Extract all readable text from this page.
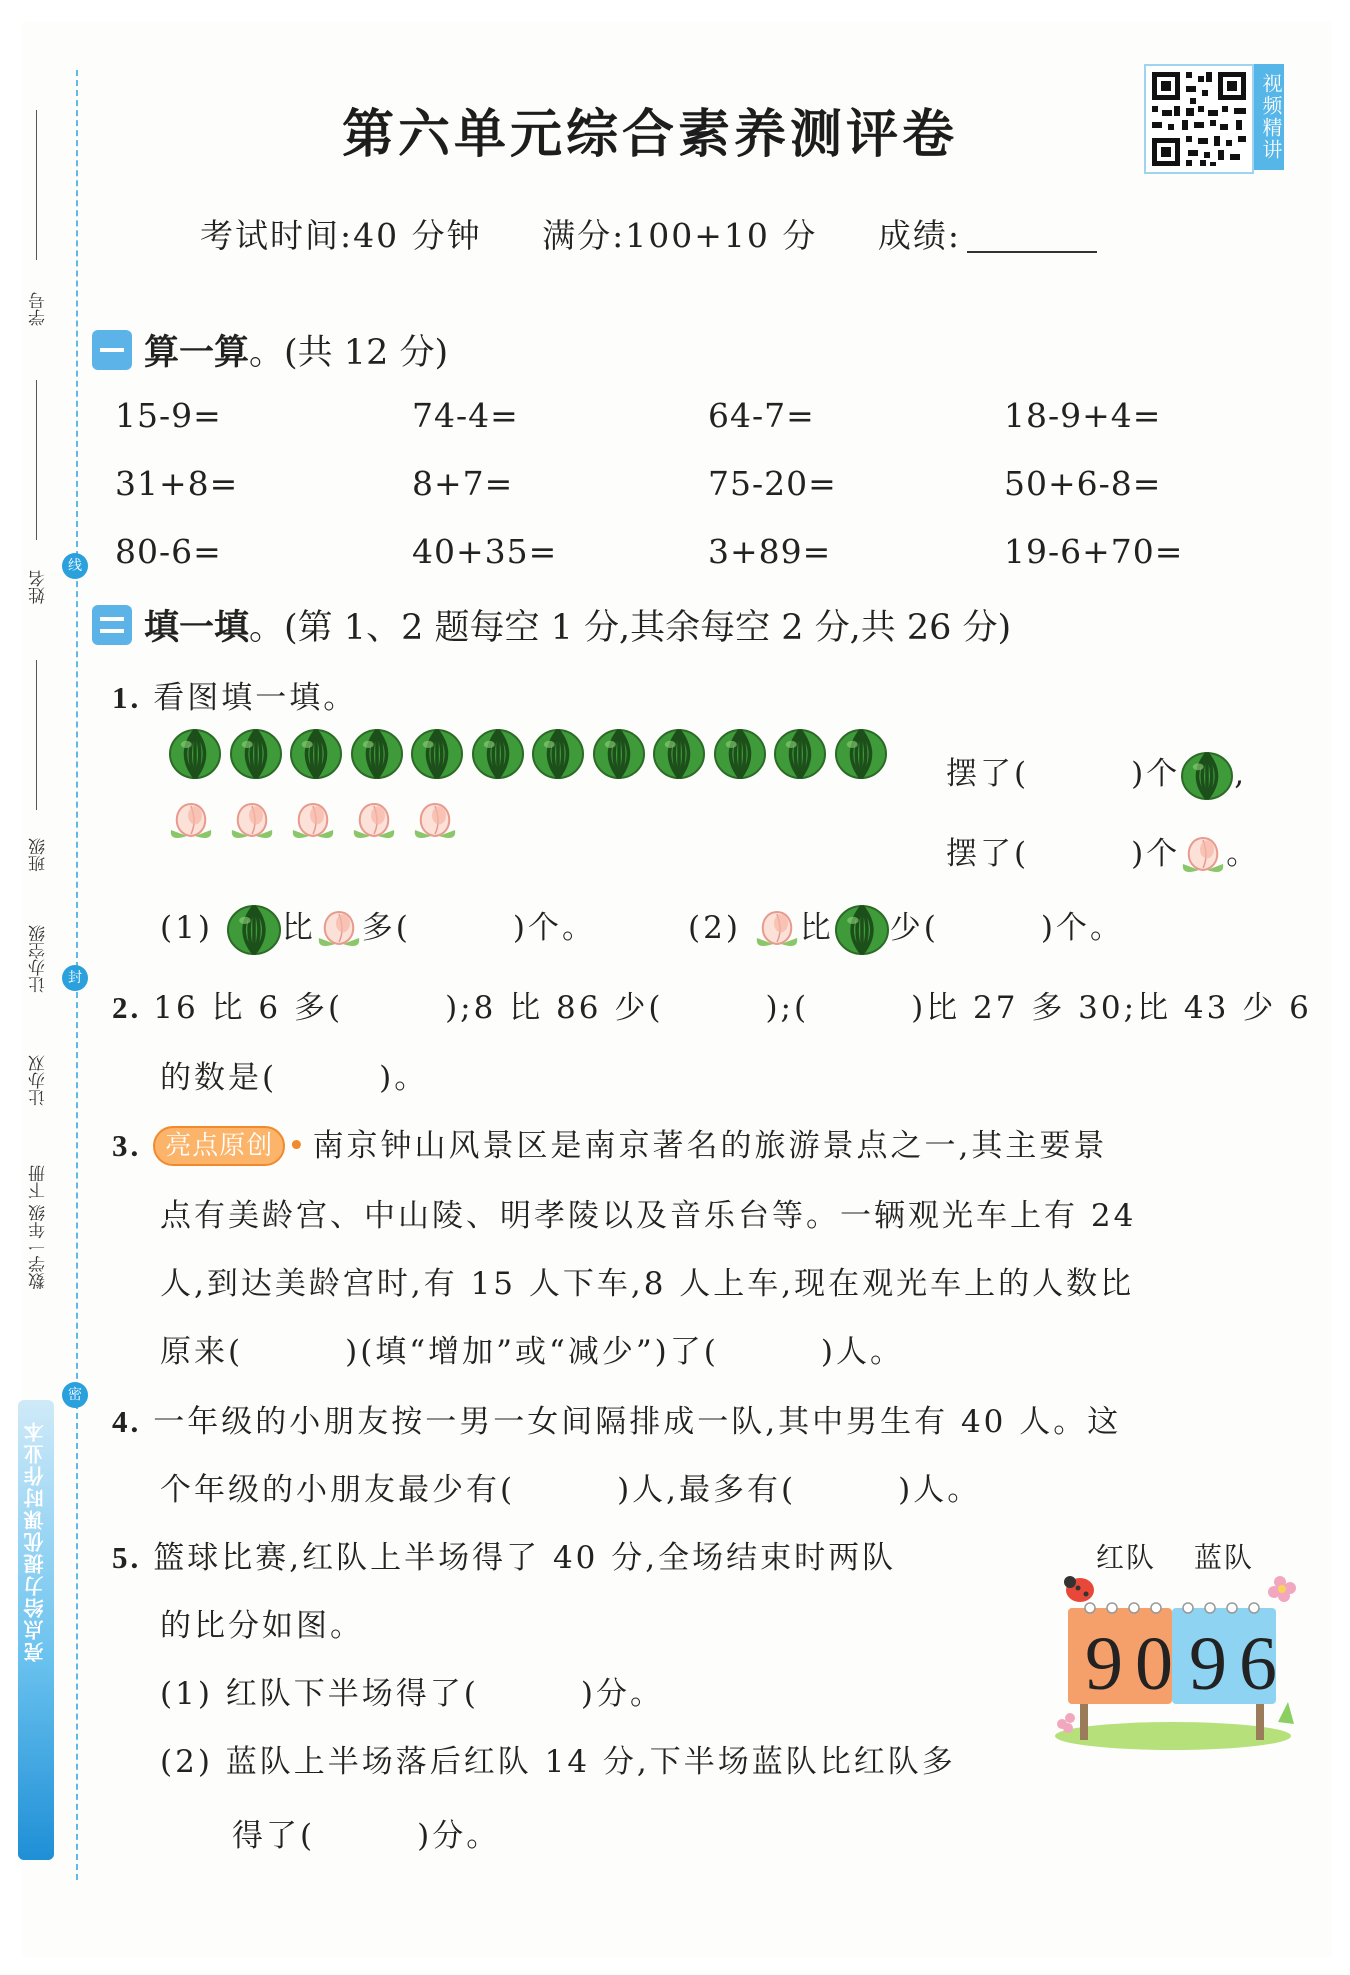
学号
姓名
线
班级
让办空级	封
让办双
数学一年级 下册
密
亮点给力提优课时作业本
第六单元综合素养测评卷	视频精讲
考试时间:40 分钟 满分:100+10 分 成绩:
算一算。(共 12 分)
15-9=	74-4=	64-7=	18-9+4=
31+8=	8+7=	75-20=	50+6-8=
80-6=	40+35=	3+89=	19-6+70=
填一填。(第 1、2 题每空 1 分,其余每空 2 分,共 26 分)
1. 看图填一填。
摆了(　　　)个 ,
摆了(　　　)个 。
(1) 比 多(　　　)个。	(2) 比 少(　　　)个。
2. 16 比 6 多(　　　);8 比 86 少(　　　);(　　　)比 27 多 30;比 43 少 6
的数是(　　　)。
3. 亮点原创 • 南京钟山风景区是南京著名的旅游景点之一,其主要景
点有美龄宫、中山陵、明孝陵以及音乐台等。一辆观光车上有 24
人,到达美龄宫时,有 15 人下车,8 人上车,现在观光车上的人数比
原来(　　　)(填“增加”或“减少”)了(　　　)人。
4. 一年级的小朋友按一男一女间隔排成一队,其中男生有 40 人。这
个年级的小朋友最少有(　　　)人,最多有(　　　)人。
5. 篮球比赛,红队上半场得了 40 分,全场结束时两队
的比分如图。
(1) 红队下半场得了(　　　)分。
(2) 蓝队上半场落后红队 14 分,下半场蓝队比红队多
得了(　　　)分。
红队 蓝队
9 0 9 6
